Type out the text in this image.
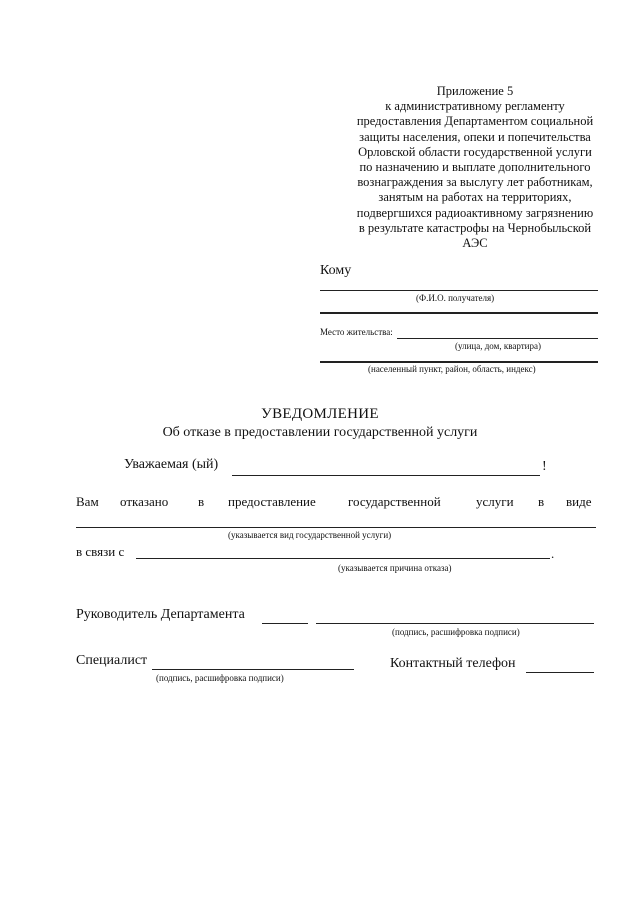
Приложение 5
к административному регламенту
предоставления Департаментом социальной
защиты населения, опеки и попечительства
Орловской области государственной услуги
по назначению и выплате дополнительного
вознаграждения за выслугу лет работникам,
занятым на работах на территориях,
подвергшихся радиоактивному загрязнению
в результате катастрофы на Чернобыльской
АЭС
Кому
(Ф.И.О. получателя)
Место жительства:
(улица, дом, квартира)
(населенный пункт, район, область, индекс)
УВЕДОМЛЕНИЕ
Об отказе в предоставлении государственной услуги
Уважаемая (ый)	!
Вам отказано в предоставление государственной	услуги в виде
(указывается вид государственной услуги)
в связи с	.
(указывается причина отказа)
Руководитель Департамента
(подпись, расшифровка подписи)
Специалист
(подпись, расшифровка подписи)
Контактный телефон
